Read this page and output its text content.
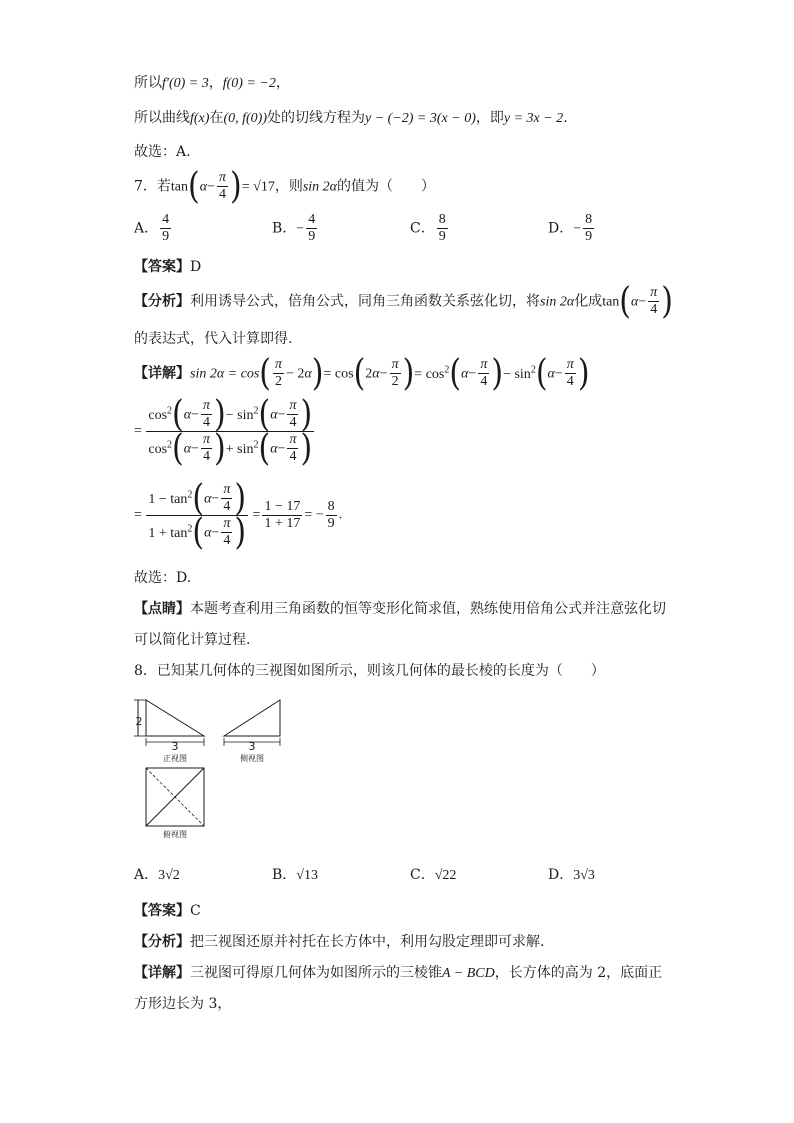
所以f′(0) = 3，f(0) = −2，
所以曲线f(x)在(0, f(0))处的切线方程为y − (−2) = 3(x − 0)，即y = 3x − 2.
故选：A.
7．若$\tan(\alpha- \frac{\pi}{4}$ )= √17，则sin 2α的值为（　　）
A． $\frac{4}{9}$	B．− $\frac{4}{9}$	C． $\frac{8}{9}$	D．− $\frac{8}{9}$
【答案】D
【分析】利用诱导公式，倍角公式，同角三角函数关系弦化切，将sin 2α化成$\tan(\alpha- \frac{\pi}{4}$ )
的表达式，代入计算即得.
【详解】$\sin 2\alpha = \cos( \frac{\pi}{2} - 2\alpha)= \cos(2\alpha- \frac{\pi}{2}$ )= $\cos^2(\alpha- \frac{\pi}{4}$ )− $\sin^2(\alpha- \frac{\pi}{4}$ )
= $\frac{\cos^2(\alpha- \frac{\pi}{4} )- \sin^2(\alpha- \frac{\pi}{4} )}{\cos^2(\alpha- \frac{\pi}{4} )+ \sin^2(\alpha- \frac{\pi}{4} )}$
= $\frac{1 - \tan^2(\alpha- \frac{\pi}{4} )}{1 + \tan^2(\alpha- \frac{\pi}{4} )} = \frac{1 - 17}{1 + 17}$ = − $\frac{8}{9}$ .
故选：D.
【点睛】本题考查利用三角函数的恒等变形化简求值，熟练使用倍角公式并注意弦化切
可以简化计算过程.
8．已知某几何体的三视图如图所示，则该几何体的最长棱的长度为（　　）
2
3
正视图
3
侧视图
俯视图
A．3√2	B．√13	C．√22	D．3√3
【答案】C
【分析】把三视图还原并衬托在长方体中，利用勾股定理即可求解.
【详解】三视图可得原几何体为如图所示的三棱锥A − BCD，长方体的高为 2，底面正
方形边长为 3，
